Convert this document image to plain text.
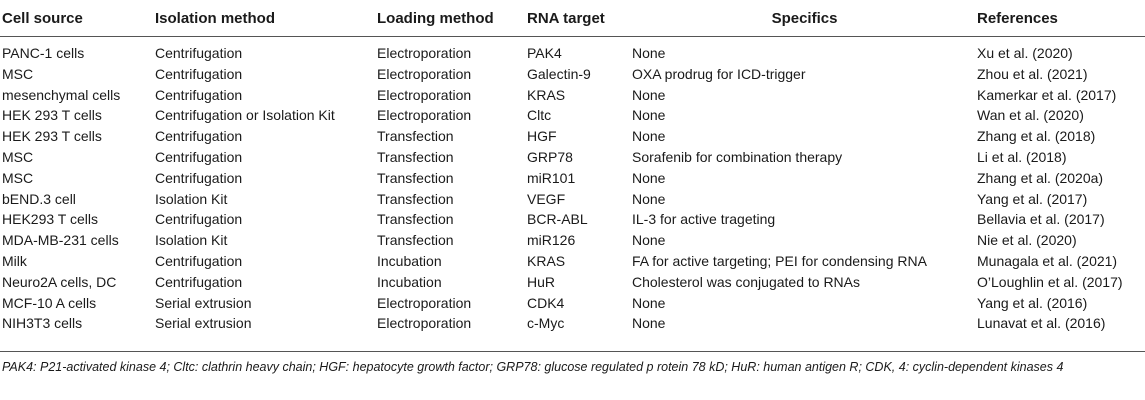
Cell source	Isolation method	Loading method	RNA target	Specifics	References
PANC-1 cells	Centrifugation	Electroporation	PAK4	None	Xu et al. (2020)
MSC	Centrifugation	Electroporation	Galectin-9	OXA prodrug for ICD-trigger	Zhou et al. (2021)
mesenchymal cells	Centrifugation	Electroporation	KRAS	None	Kamerkar et al. (2017)
HEK 293 T cells	Centrifugation or Isolation Kit	Electroporation	Cltc	None	Wan et al. (2020)
HEK 293 T cells	Centrifugation	Transfection	HGF	None	Zhang et al. (2018)
MSC	Centrifugation	Transfection	GRP78	Sorafenib for combination therapy	Li et al. (2018)
MSC	Centrifugation	Transfection	miR101	None	Zhang et al. (2020a)
bEND.3 cell	Isolation Kit	Transfection	VEGF	None	Yang et al. (2017)
HEK293 T cells	Centrifugation	Transfection	BCR-ABL	IL-3 for active trageting	Bellavia et al. (2017)
MDA-MB-231 cells	Isolation Kit	Transfection	miR126	None	Nie et al. (2020)
Milk	Centrifugation	Incubation	KRAS	FA for active targeting; PEI for condensing RNA	Munagala et al. (2021)
Neuro2A cells, DC	Centrifugation	Incubation	HuR	Cholesterol was conjugated to RNAs	O’Loughlin et al. (2017)
MCF-10 A cells	Serial extrusion	Electroporation	CDK4	None	Yang et al. (2016)
NIH3T3 cells	Serial extrusion	Electroporation	c-Myc	None	Lunavat et al. (2016)
PAK4: P21-activated kinase 4; Cltc: clathrin heavy chain; HGF: hepatocyte growth factor; GRP78: glucose regulated p rotein 78 kD; HuR: human antigen R; CDK, 4: cyclin-dependent kinases 4
